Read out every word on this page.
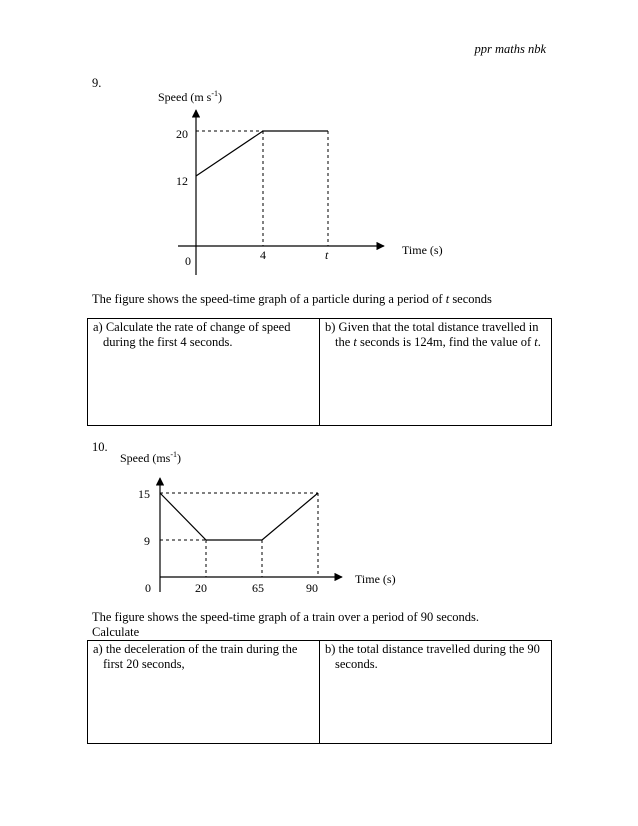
ppr maths nbk
9.
Speed (m $s^{-1}$)
20
12
0	4	t	Time (s)
The figure shows the speed-time graph of a particle during a period of t seconds
a) Calculate the rate of change of speed during the first 4 seconds.
b) Given that the total distance travelled in the t seconds is 124m, find the value of t.
10.
Speed $(ms^{-1})$
15
9
0	20	65	90
Time (s)
The figure shows the speed-time graph of a train over a period of 90 seconds.
Calculate
a) the deceleration of the train during the first 20 seconds,
b) the total distance travelled during the 90 seconds.
